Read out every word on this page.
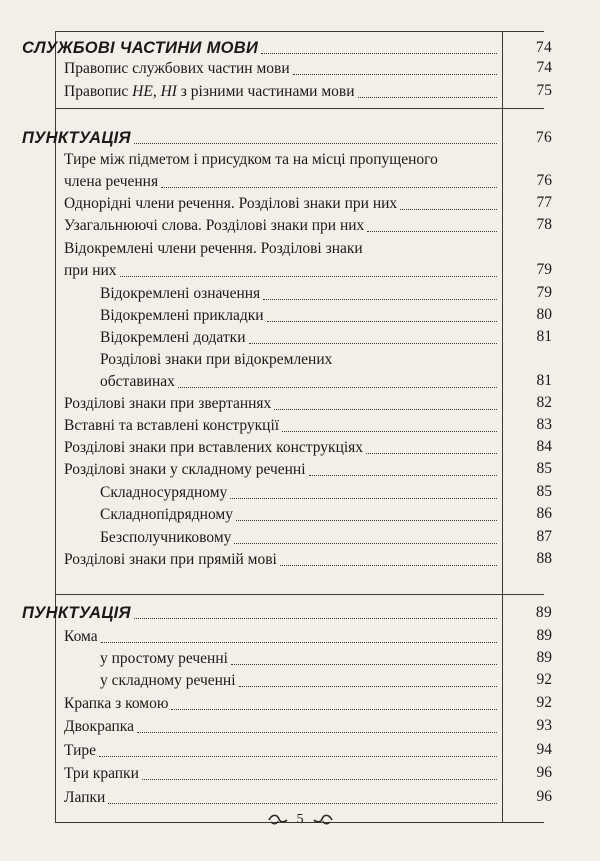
СЛУЖБОВІ ЧАСТИНИ МОВИ	74
Правопис службових частин мови	74
Правопис НЕ, НІ з різними частинами мови	75
ПУНКТУАЦІЯ	76
Тире між підметом і присудком та на місці пропущеного
члена речення	76
Однорідні члени речення. Розділові знаки при них	77
Узагальнюючі слова. Розділові знаки при них	78
Відокремлені члени речення. Розділові знаки
при них	79
Відокремлені означення	79
Відокремлені прикладки	80
Відокремлені додатки	81
Розділові знаки при відокремлених
обставинах	81
Розділові знаки при звертаннях	82
Вставні та вставлені конструкції	83
Розділові знаки при вставлених конструкціях	84
Розділові знаки у складному реченні	85
Складносурядному	85
Складнопідрядному	86
Безсполучниковому	87
Розділові знаки при прямій мові	88
ПУНКТУАЦІЯ	89
Кома	89
у простому реченні	89
у складному реченні	92
Крапка з комою	92
Двокрапка	93
Тире	94
Три крапки	96
Лапки	96
5
